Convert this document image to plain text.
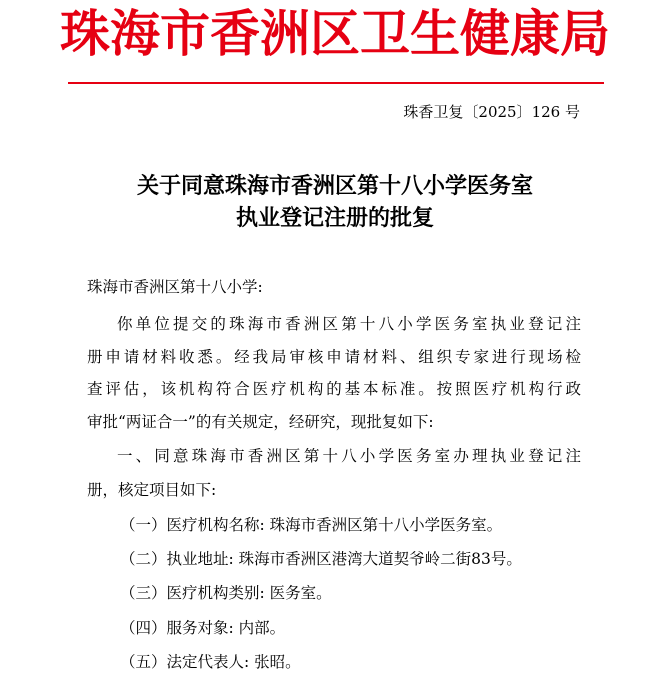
珠海市香洲区卫生健康局
珠香卫复〔2025〕126 号
关于同意珠海市香洲区第十八小学医务室
执业登记注册的批复
珠海市香洲区第十八小学:
你单位提交的珠海市香洲区第十八小学医务室执业登记注
册申请材料收悉。经我局审核申请材料、组织专家进行现场检
查评估，该机构符合医疗机构的基本标准。按照医疗机构行政
审批“两证合一”的有关规定，经研究，现批复如下:
一、同意珠海市香洲区第十八小学医务室办理执业登记注
册，核定项目如下:
（一）医疗机构名称: 珠海市香洲区第十八小学医务室。
（二）执业地址: 珠海市香洲区港湾大道契爷岭二街83号。
（三）医疗机构类别: 医务室。
（四）服务对象: 内部。
（五）法定代表人: 张昭。
